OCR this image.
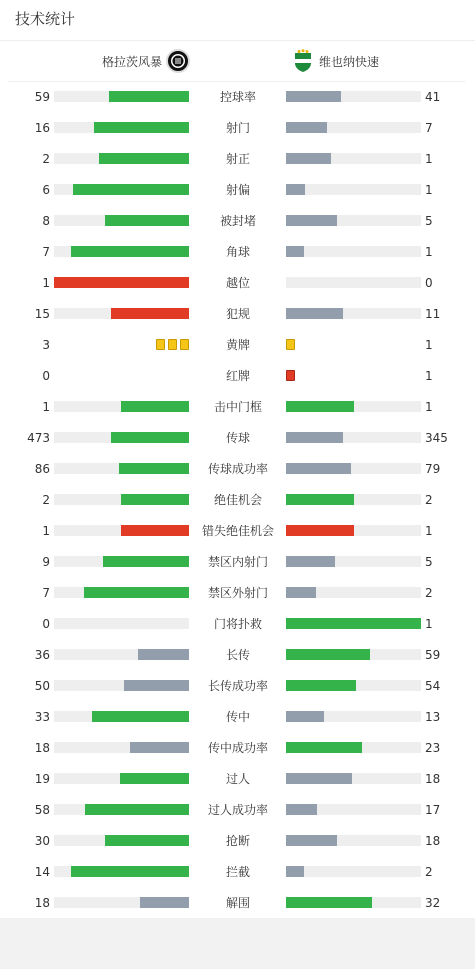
技术统计
格拉茨风暴	维也纳快速
59	控球率	41
16	射门	7
2	射正	1
6	射偏	1
8	被封堵	5
7	角球	1
1	越位	0
15	犯规	11
3	黄牌	1
0	红牌	1
1	击中门框	1
473	传球	345
86	传球成功率	79
2	绝佳机会	2
1	错失绝佳机会	1
9	禁区内射门	5
7	禁区外射门	2
0	门将扑救	1
36	长传	59
50	长传成功率	54
33	传中	13
18	传中成功率	23
19	过人	18
58	过人成功率	17
30	抢断	18
14	拦截	2
18	解围	32
